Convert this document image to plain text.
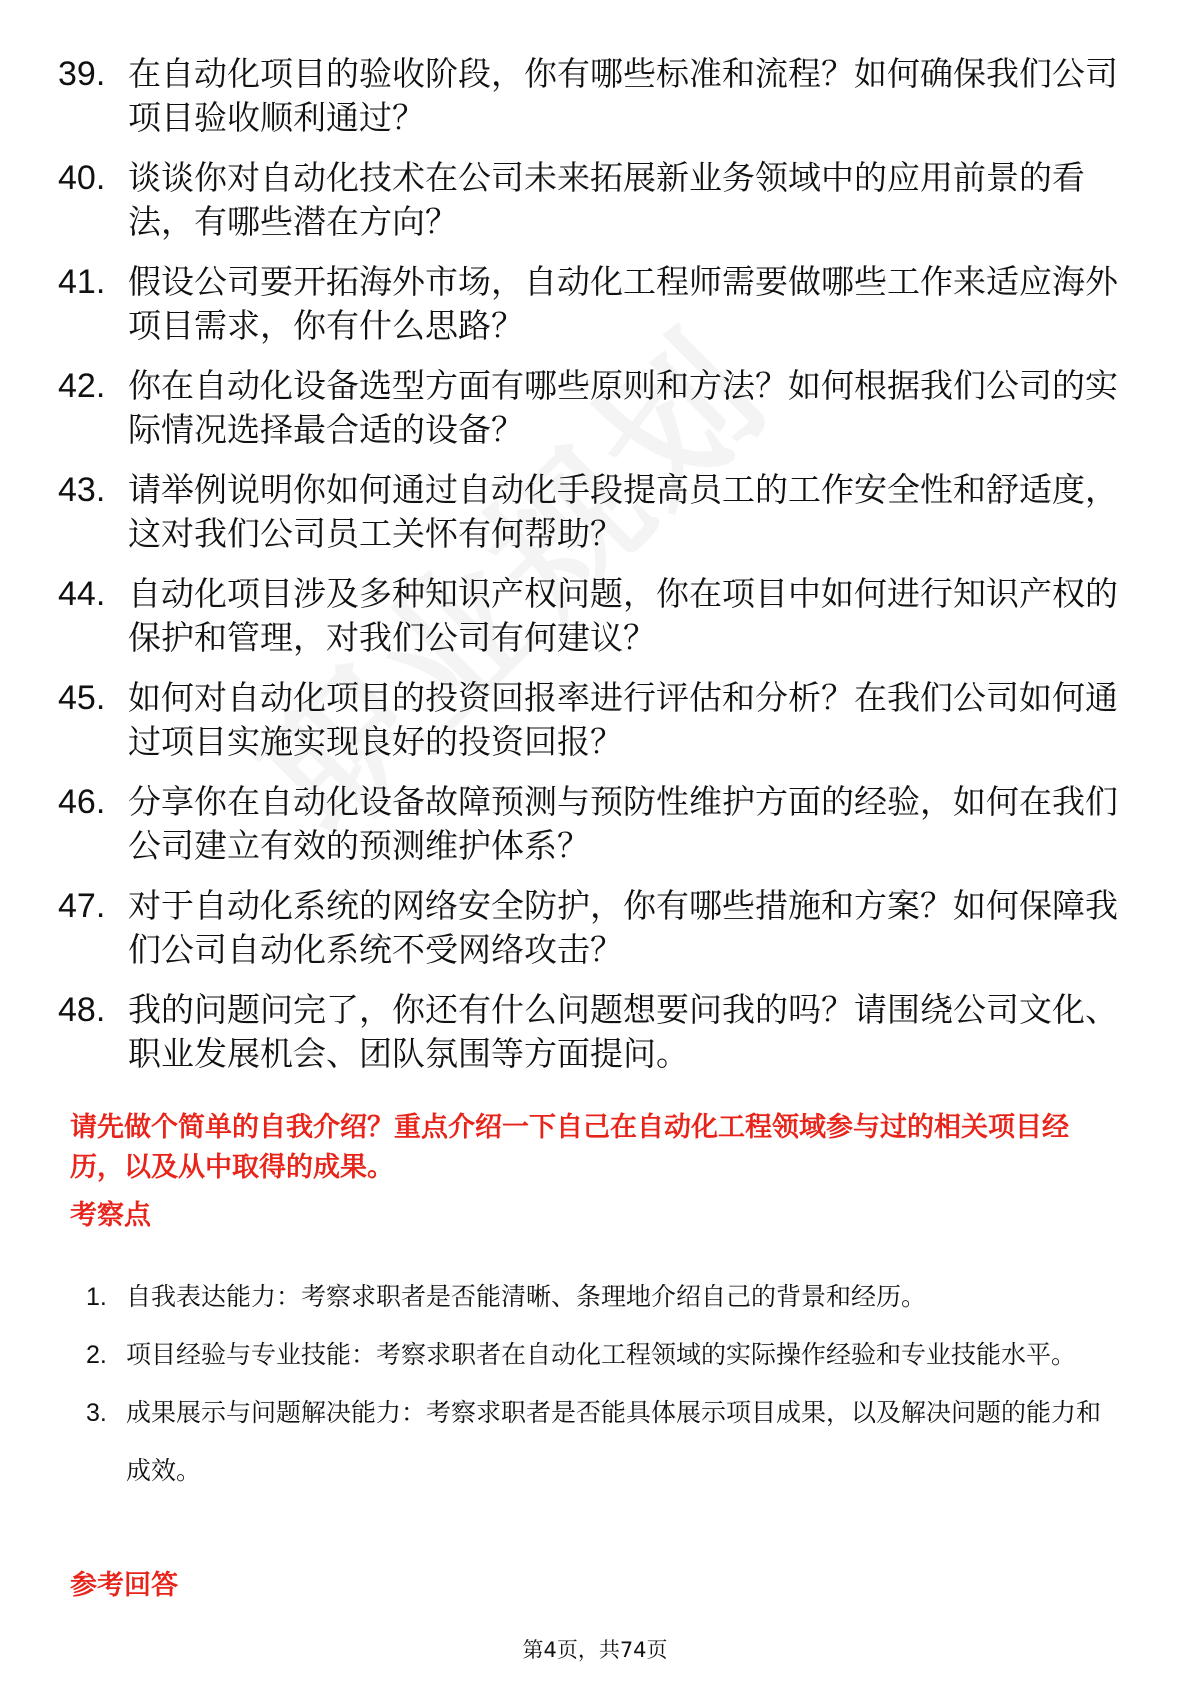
39. 在自动化项目的验收阶段，你有哪些标准和流程？如何确保我们公司项目验收顺利通过？
40. 谈谈你对自动化技术在公司未来拓展新业务领域中的应用前景的看法，有哪些潜在方向？
41. 假设公司要开拓海外市场，自动化工程师需要做哪些工作来适应海外项目需求，你有什么思路？
42. 你在自动化设备选型方面有哪些原则和方法？如何根据我们公司的实际情况选择最合适的设备？
43. 请举例说明你如何通过自动化手段提高员工的工作安全性和舒适度，这对我们公司员工关怀有何帮助？
44. 自动化项目涉及多种知识产权问题，你在项目中如何进行知识产权的保护和管理，对我们公司有何建议？
45. 如何对自动化项目的投资回报率进行评估和分析？在我们公司如何通过项目实施实现良好的投资回报？
46. 分享你在自动化设备故障预测与预防性维护方面的经验，如何在我们公司建立有效的预测维护体系？
47. 对于自动化系统的网络安全防护，你有哪些措施和方案？如何保障我们公司自动化系统不受网络攻击？
48. 我的问题问完了，你还有什么问题想要问我的吗？请围绕公司文化、职业发展机会、团队氛围等方面提问。
请先做个简单的自我介绍？重点介绍一下自己在自动化工程领域参与过的相关项目经历，以及从中取得的成果。
考察点
1. 自我表达能力：考察求职者是否能清晰、条理地介绍自己的背景和经历。
2. 项目经验与专业技能：考察求职者在自动化工程领域的实际操作经验和专业技能水平。
3. 成果展示与问题解决能力：考察求职者是否能具体展示项目成果，以及解决问题的能力和成效。
参考回答
第4页，共74页
